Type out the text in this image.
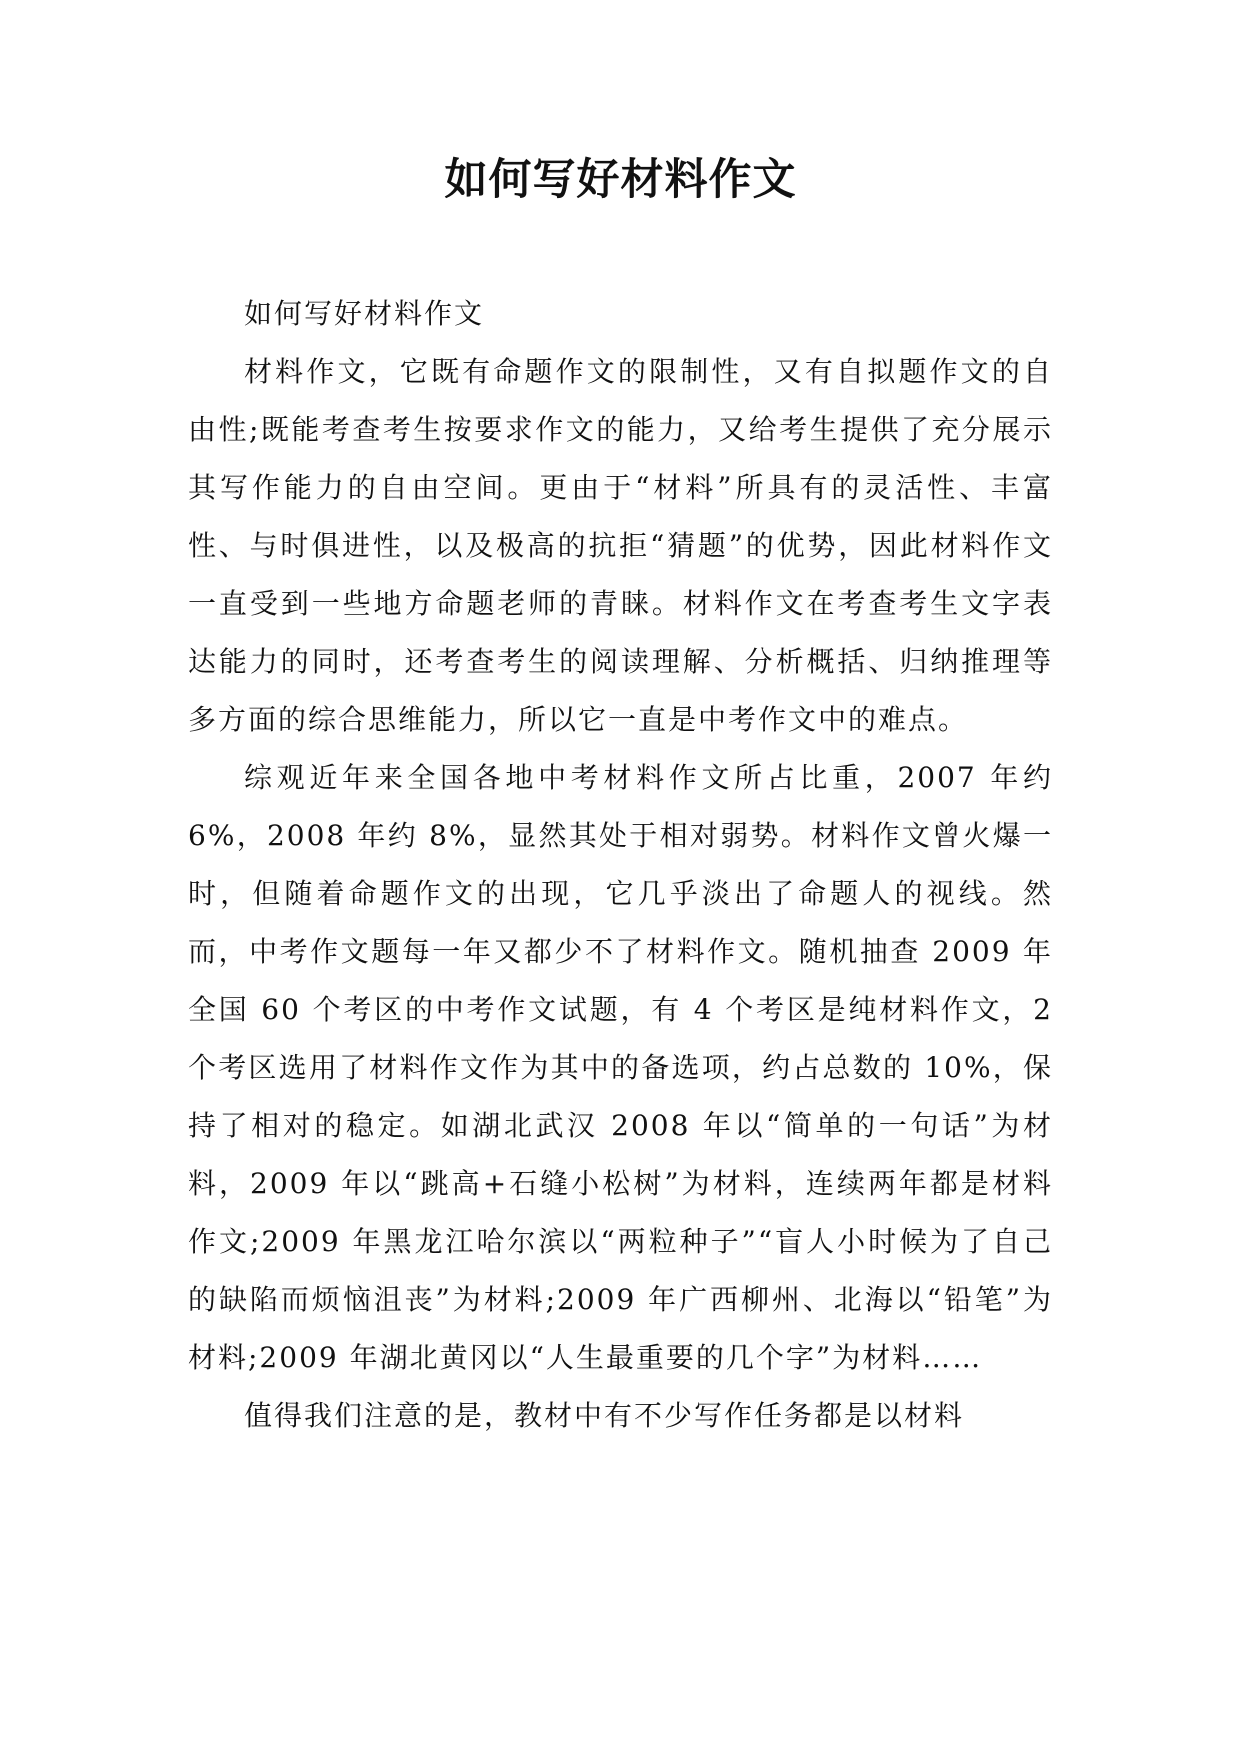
如何写好材料作文

如何写好材料作文

材料作文，它既有命题作文的限制性，又有自拟题作文的自由性;既能考查考生按要求作文的能力，又给考生提供了充分展示其写作能力的自由空间。更由于“材料”所具有的灵活性、丰富性、与时俱进性，以及极高的抗拒“猜题”的优势，因此材料作文一直受到一些地方命题老师的青睐。材料作文在考查考生文字表达能力的同时，还考查考生的阅读理解、分析概括、归纳推理等多方面的综合思维能力，所以它一直是中考作文中的难点。

综观近年来全国各地中考材料作文所占比重，2007 年约 6%，2008 年约 8%，显然其处于相对弱势。材料作文曾火爆一时，但随着命题作文的出现，它几乎淡出了命题人的视线。然而，中考作文题每一年又都少不了材料作文。随机抽查 2009 年全国 60 个考区的中考作文试题，有 4 个考区是纯材料作文，2 个考区选用了材料作文作为其中的备选项，约占总数的 10%，保持了相对的稳定。如湖北武汉 2008 年以“简单的一句话”为材料，2009 年以“跳高+石缝小松树”为材料，连续两年都是材料作文;2009 年黑龙江哈尔滨以“两粒种子”“盲人小时候为了自己的缺陷而烦恼沮丧”为材料;2009 年广西柳州、北海以“铅笔”为材料;2009 年湖北黄冈以“人生最重要的几个字”为材料……

值得我们注意的是，教材中有不少写作任务都是以材料
